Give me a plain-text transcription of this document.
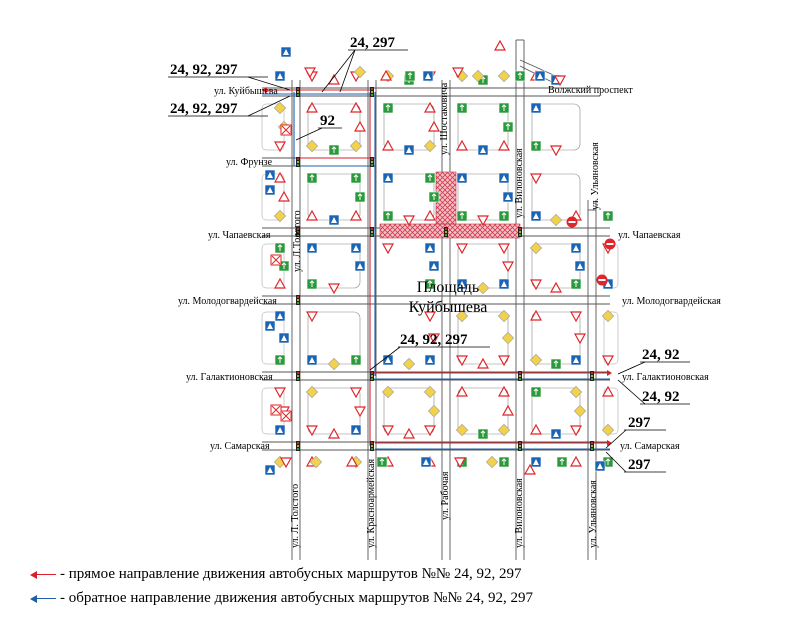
ул. Куйбышева
ул. Фрунзе
ул. Чапаевская	ул. Чапаевская
ул. Молодогвардейская	ул. Молодогвардейская
ул. Галактионовская	ул. Галактионовская
ул. Самарская	ул. Самарская
Волжский проспект
ул. Л. Толстого
ул. Л.Толстого
ул. Красноармейская	ул. Рабочая	ул. Вилоновская
ул. Вилоновская
ул. Ульяновская
ул. Ульяновская
ул. Шостаковича
Площадь
Куйбышева
24, 92, 297
24, 92, 297
24, 297
92
24, 92, 297
24, 92
24, 92
297
297
- прямое направление движения автобусных маршрутов №№ 24, 92, 297
- обратное направление движения автобусных маршрутов №№ 24, 92, 297
